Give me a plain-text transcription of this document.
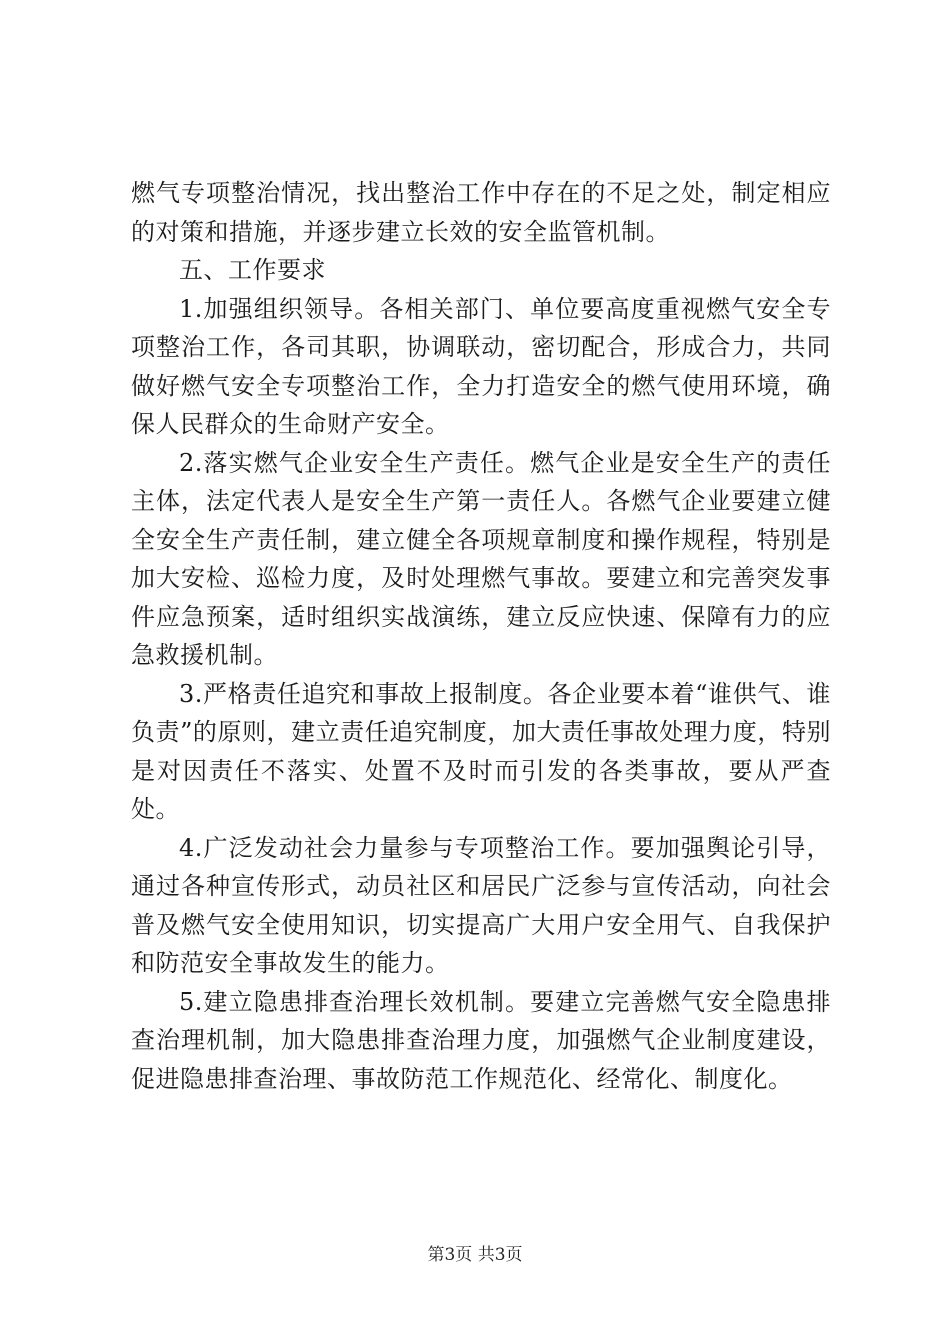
燃气专项整治情况，找出整治工作中存在的不足之处，制定相应的对策和措施，并逐步建立长效的安全监管机制。

五、工作要求

1.加强组织领导。各相关部门、单位要高度重视燃气安全专项整治工作，各司其职，协调联动，密切配合，形成合力，共同做好燃气安全专项整治工作，全力打造安全的燃气使用环境，确保人民群众的生命财产安全。

2.落实燃气企业安全生产责任。燃气企业是安全生产的责任主体，法定代表人是安全生产第一责任人。各燃气企业要建立健全安全生产责任制，建立健全各项规章制度和操作规程，特别是加大安检、巡检力度，及时处理燃气事故。要建立和完善突发事件应急预案，适时组织实战演练，建立反应快速、保障有力的应急救援机制。

3.严格责任追究和事故上报制度。各企业要本着“谁供气、谁负责”的原则，建立责任追究制度，加大责任事故处理力度，特别是对因责任不落实、处置不及时而引发的各类事故，要从严查处。

4.广泛发动社会力量参与专项整治工作。要加强舆论引导，通过各种宣传形式，动员社区和居民广泛参与宣传活动，向社会普及燃气安全使用知识，切实提高广大用户安全用气、自我保护和防范安全事故发生的能力。

5.建立隐患排查治理长效机制。要建立完善燃气安全隐患排查治理机制，加大隐患排查治理力度，加强燃气企业制度建设，促进隐患排查治理、事故防范工作规范化、经常化、制度化。

第3页 共3页
